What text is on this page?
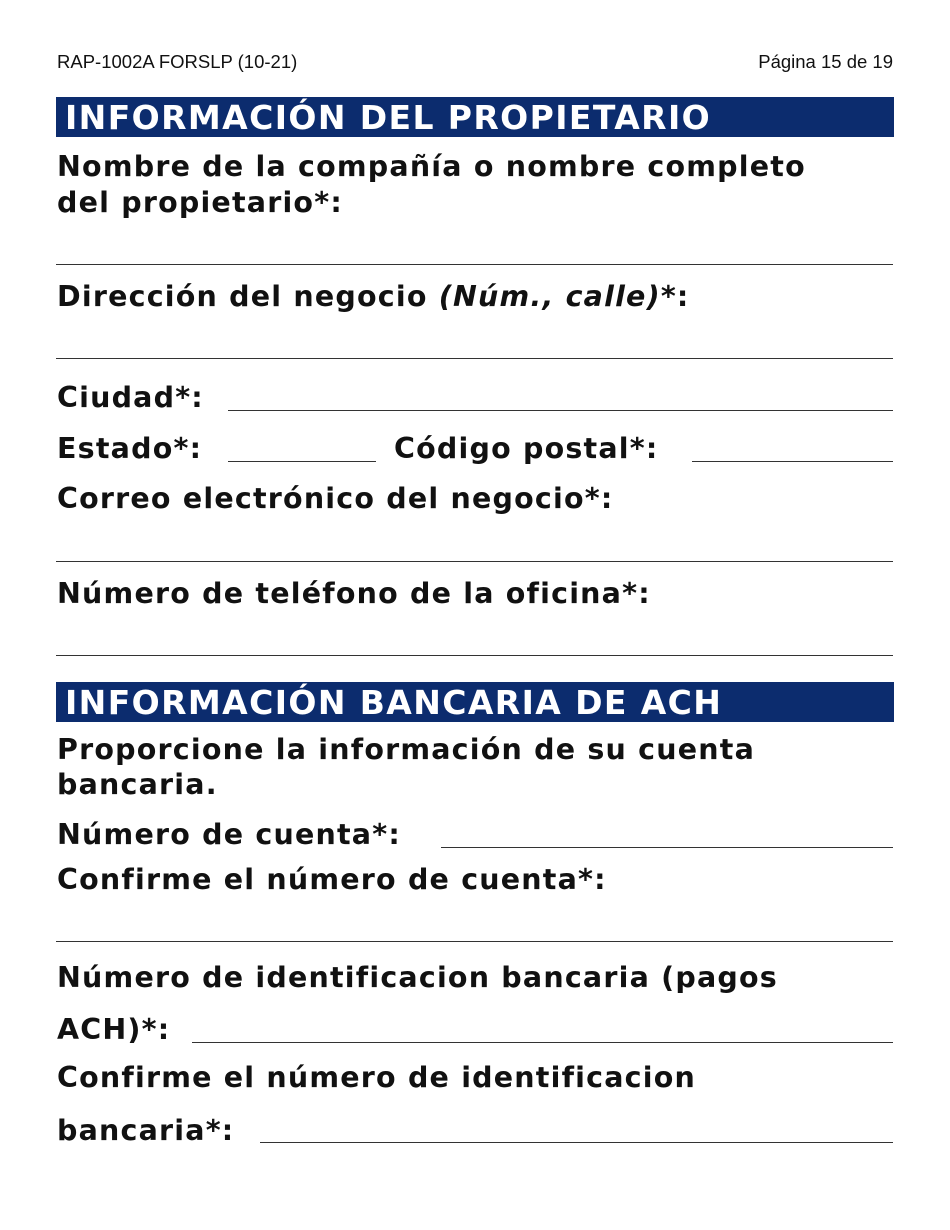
RAP-1002A FORSLP (10-21)	Página 15 de 19
INFORMACIÓN DEL PROPIETARIO
Nombre de la compañía o nombre completo
del propietario*:
Dirección del negocio (Núm., calle)*:
Ciudad*:
Estado*:	Código postal*:
Correo electrónico del negocio*:
Número de teléfono de la oficina*:
INFORMACIÓN BANCARIA DE ACH
Proporcione la información de su cuenta
bancaria.
Número de cuenta*:
Confirme el número de cuenta*:
Número de identificacion bancaria (pagos
ACH)*:
Confirme el número de identificacion
bancaria*:
